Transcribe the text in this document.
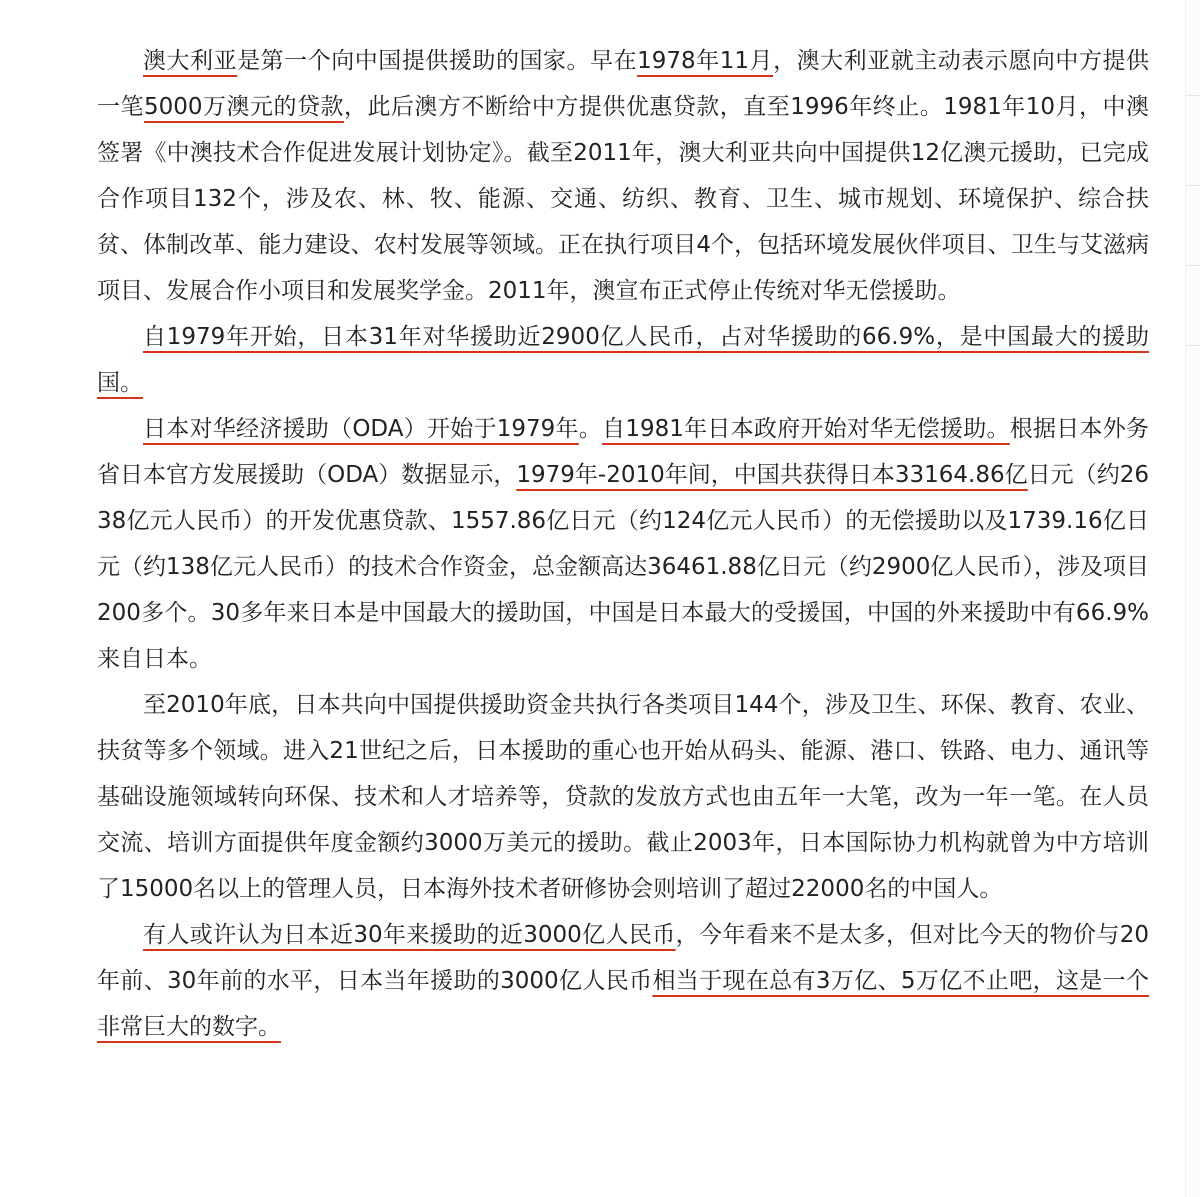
澳大利亚是第一个向中国提供援助的国家。早在1978年11月，澳大利亚就主动表示愿向中方提供一笔5000万澳元的贷款，此后澳方不断给中方提供优惠贷款，直至1996年终止。1981年10月，中澳签署《中澳技术合作促进发展计划协定》。截至2011年，澳大利亚共向中国提供12亿澳元援助，已完成合作项目132个，涉及农、林、牧、能源、交通、纺织、教育、卫生、城市规划、环境保护、综合扶贫、体制改革、能力建设、农村发展等领域。正在执行项目4个，包括环境发展伙伴项目、卫生与艾滋病项目、发展合作小项目和发展奖学金。2011年，澳宣布正式停止传统对华无偿援助。

自1979年开始，日本31年对华援助近2900亿人民币，占对华援助的66.9%，是中国最大的援助国。

日本对华经济援助（ODA）开始于1979年。自1981年日本政府开始对华无偿援助。根据日本外务省日本官方发展援助（ODA）数据显示，1979年-2010年间，中国共获得日本33164.86亿日元（约2638亿元人民币）的开发优惠贷款、1557.86亿日元（约124亿元人民币）的无偿援助以及1739.16亿日元（约138亿元人民币）的技术合作资金，总金额高达36461.88亿日元（约2900亿人民币），涉及项目200多个。30多年来日本是中国最大的援助国，中国是日本最大的受援国，中国的外来援助中有66.9%来自日本。

至2010年底，日本共向中国提供援助资金共执行各类项目144个，涉及卫生、环保、教育、农业、扶贫等多个领域。进入21世纪之后，日本援助的重心也开始从码头、能源、港口、铁路、电力、通讯等基础设施领域转向环保、技术和人才培养等，贷款的发放方式也由五年一大笔，改为一年一笔。在人员交流、培训方面提供年度金额约3000万美元的援助。截止2003年，日本国际协力机构就曾为中方培训了15000名以上的管理人员，日本海外技术者研修协会则培训了超过22000名的中国人。

有人或许认为日本近30年来援助的近3000亿人民币，今年看来不是太多，但对比今天的物价与20年前、30年前的水平，日本当年援助的3000亿人民币相当于现在总有3万亿、5万亿不止吧，这是一个非常巨大的数字。
